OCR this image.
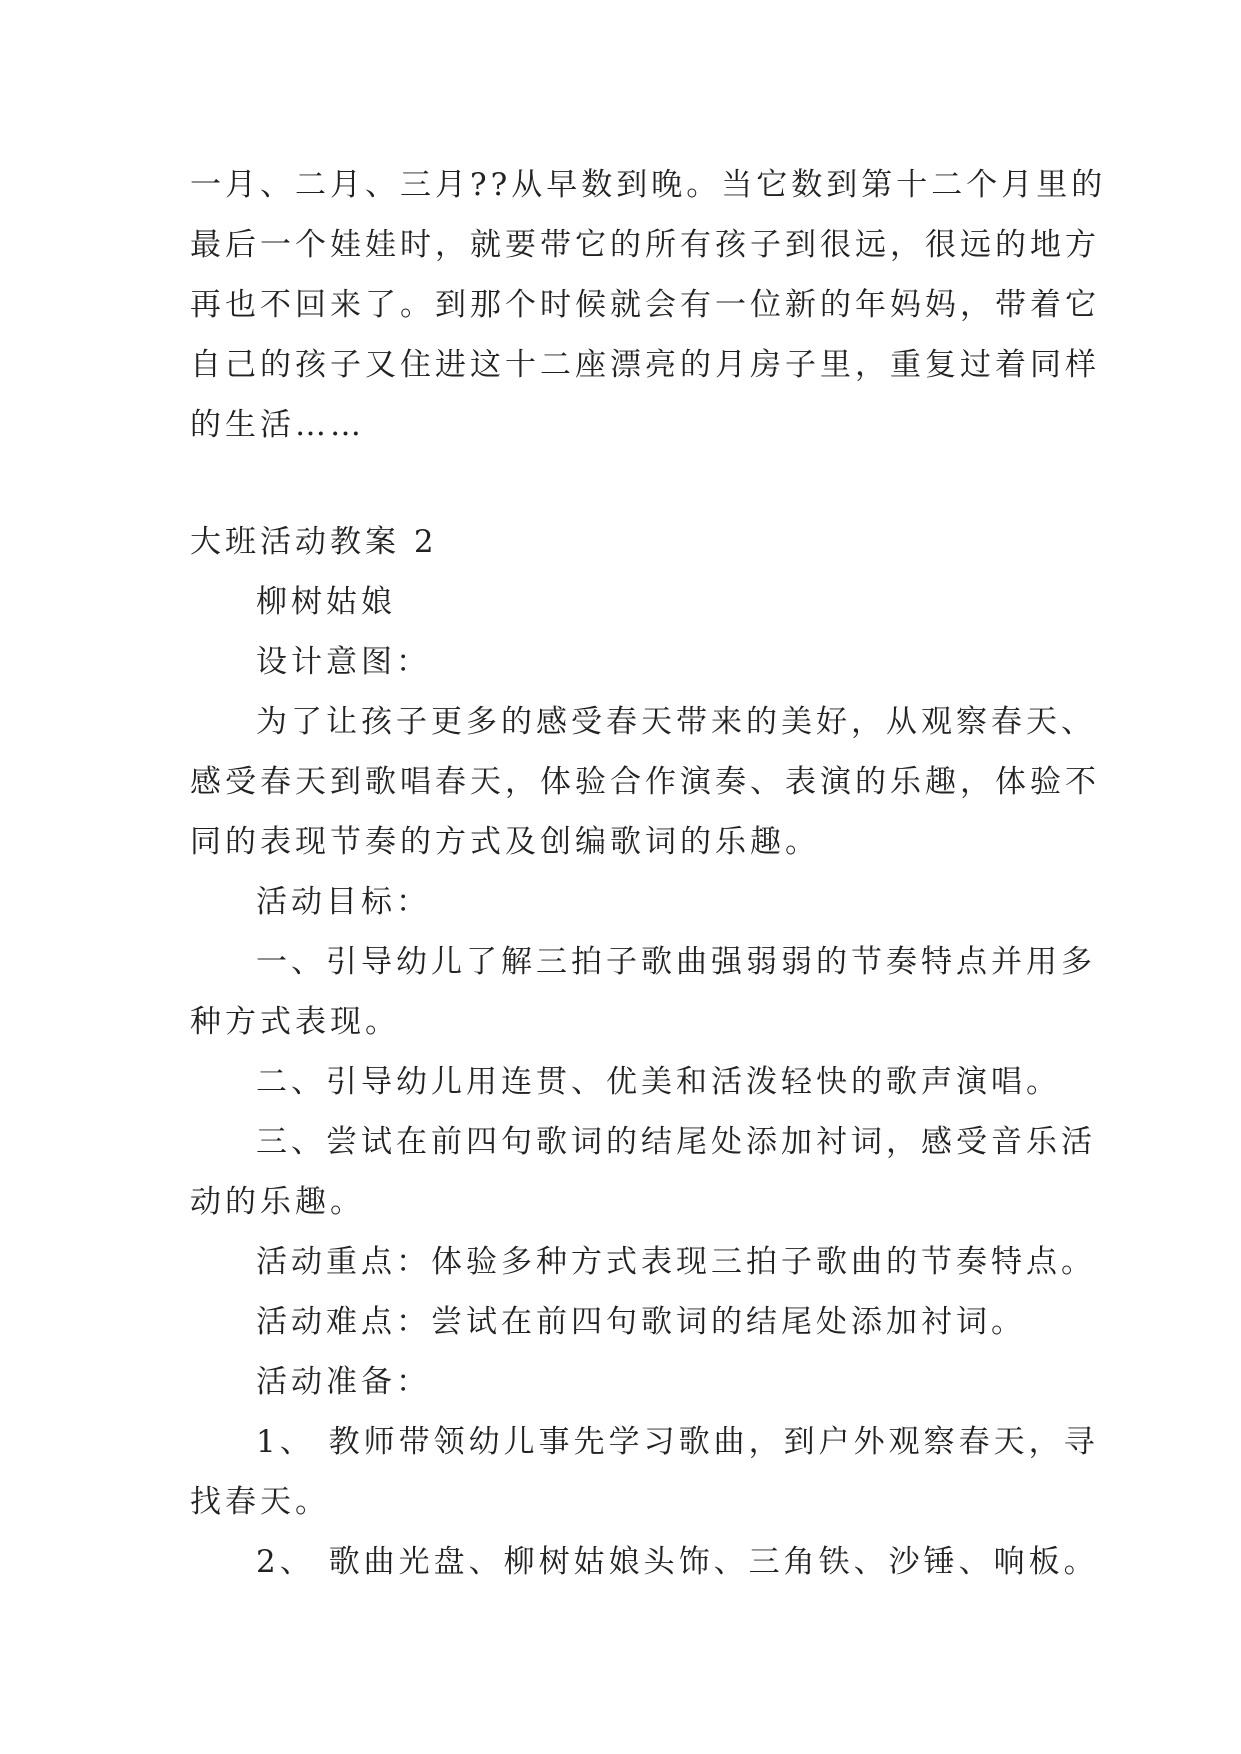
一月、二月、三月??从早数到晚。当它数到第十二个月里的
最后一个娃娃时，就要带它的所有孩子到很远，很远的地方
再也不回来了。到那个时候就会有一位新的年妈妈，带着它
自己的孩子又住进这十二座漂亮的月房子里，重复过着同样
的生活……
大班活动教案 2
柳树姑娘
设计意图：
为了让孩子更多的感受春天带来的美好，从观察春天、
感受春天到歌唱春天，体验合作演奏、表演的乐趣，体验不
同的表现节奏的方式及创编歌词的乐趣。
活动目标：
一、引导幼儿了解三拍子歌曲强弱弱的节奏特点并用多
种方式表现。
二、引导幼儿用连贯、优美和活泼轻快的歌声演唱。
三、尝试在前四句歌词的结尾处添加衬词，感受音乐活
动的乐趣。
活动重点：体验多种方式表现三拍子歌曲的节奏特点。
活动难点：尝试在前四句歌词的结尾处添加衬词。
活动准备：
1、 教师带领幼儿事先学习歌曲，到户外观察春天，寻
找春天。
2、 歌曲光盘、柳树姑娘头饰、三角铁、沙锤、响板。
